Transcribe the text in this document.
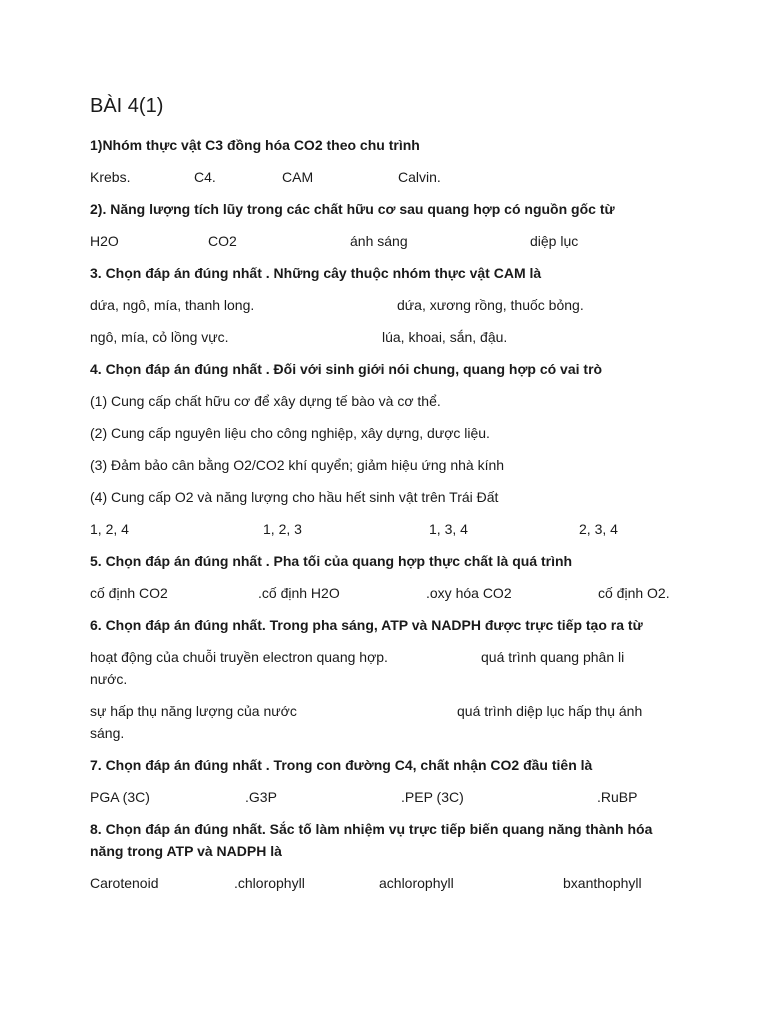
BÀI 4(1)
1)Nhóm thực vật C3 đồng hóa CO2 theo chu trình
Krebs.	C4.	CAM	Calvin.
2). Năng lượng tích lũy trong các chất hữu cơ sau quang hợp có nguồn gốc từ
H2O	CO2	ánh sáng	diệp lục
3. Chọn đáp án đúng nhất . Những cây thuộc nhóm thực vật CAM là
dứa, ngô, mía, thanh long.	dứa, xương rồng, thuốc bỏng.
ngô, mía, cỏ lồng vực.	lúa, khoai, sắn, đậu.
4. Chọn đáp án đúng nhất . Đối với sinh giới nói chung, quang hợp có vai trò
(1) Cung cấp chất hữu cơ để xây dựng tế bào và cơ thể.
(2) Cung cấp nguyên liệu cho công nghiệp, xây dựng, dược liệu.
(3) Đảm bảo cân bằng O2/CO2 khí quyển; giảm hiệu ứng nhà kính
(4) Cung cấp O2 và năng lượng cho hầu hết sinh vật trên Trái Đất
1, 2, 4	1, 2, 3	1, 3, 4	2, 3, 4
5. Chọn đáp án đúng nhất . Pha tối của quang hợp thực chất là quá trình
cố định CO2	.cố định H2O	.oxy hóa CO2	cố định O2.
6. Chọn đáp án đúng nhất. Trong pha sáng, ATP và NADPH được trực tiếp tạo ra từ
hoạt động của chuỗi truyền electron quang hợp.	quá trình quang phân li
nước.
sự hấp thụ năng lượng của nước	quá trình diệp lục hấp thụ ánh
sáng.
7. Chọn đáp án đúng nhất . Trong con đường C4, chất nhận CO2 đầu tiên là
PGA (3C)	.G3P	.PEP (3C)	.RuBP
8. Chọn đáp án đúng nhất. Sắc tố làm nhiệm vụ trực tiếp biến quang năng thành hóa
năng trong ATP và NADPH là
Carotenoid	.chlorophyll	achlorophyll	bxanthophyll
